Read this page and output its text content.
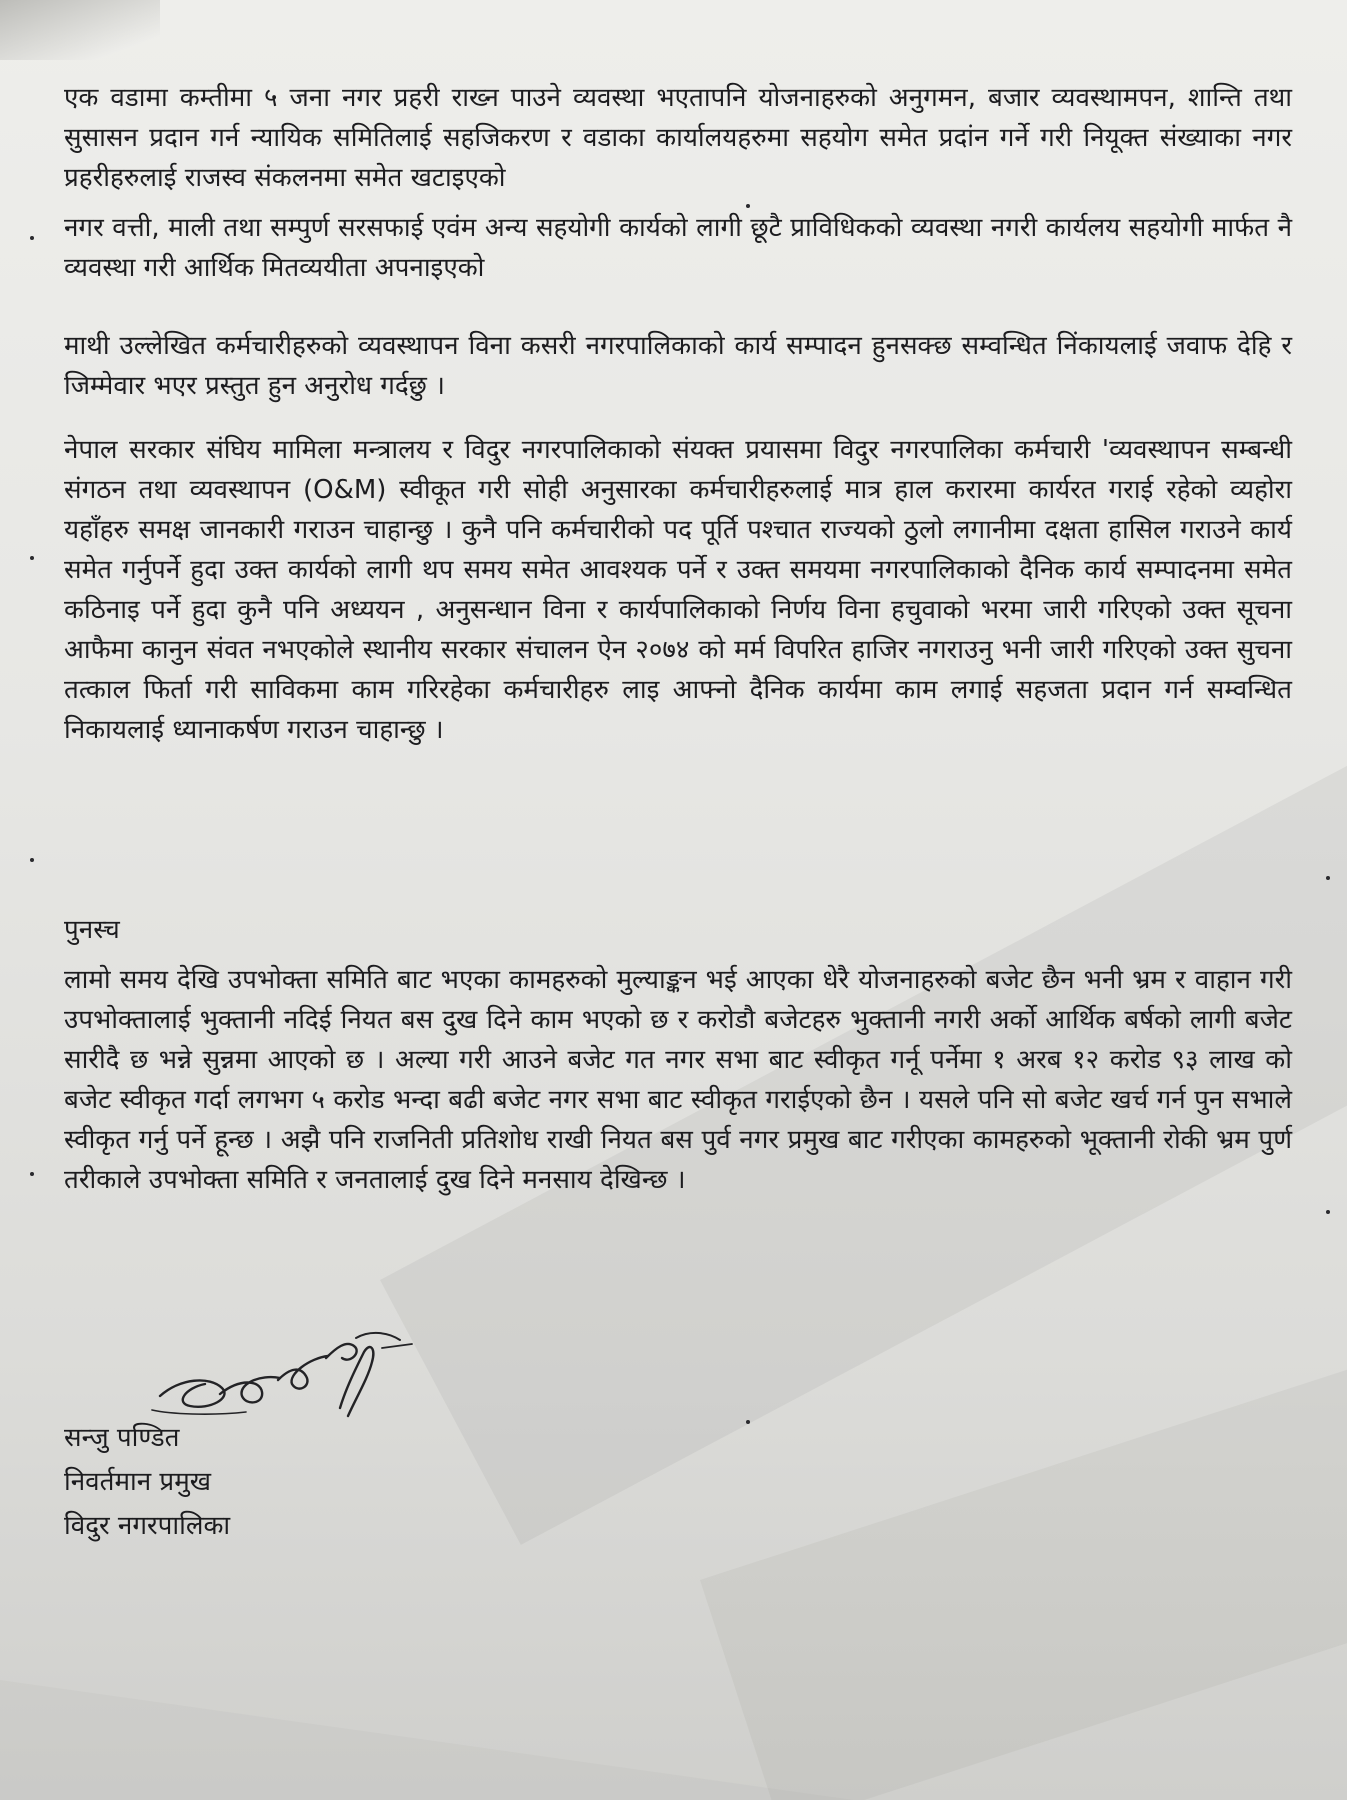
एक वडामा कम्तीमा ५ जना नगर प्रहरी राख्न पाउने व्यवस्था भएतापनि योजनाहरुको अनुगमन, बजार व्यवस्थामपन, शान्ति तथा सुसासन प्रदान गर्न न्यायिक समितिलाई सहजिकरण र वडाका कार्यालयहरुमा सहयोग समेत प्रदांन गर्ने गरी नियूक्त संख्याका नगर प्रहरीहरुलाई राजस्व संकलनमा समेत खटाइएको

नगर वत्ती, माली तथा सम्पुर्ण सरसफाई एवंम अन्य सहयोगी कार्यको लागी छूटै प्राविधिकको व्यवस्था नगरी कार्यलय सहयोगी मार्फत नै व्यवस्था गरी आर्थिक मितव्ययीता अपनाइएको

माथी उल्लेखित कर्मचारीहरुको व्यवस्थापन विना कसरी नगरपालिकाको कार्य सम्पादन हुनसक्छ सम्वन्धित निंकायलाई जवाफ देहि र जिम्मेवार भएर प्रस्तुत हुन अनुरोध गर्दछु ।

नेपाल सरकार संघिय मामिला मन्त्रालय र विदुर नगरपालिकाको संयक्त प्रयासमा विदुर नगरपालिका कर्मचारी 'व्यवस्थापन सम्बन्धी संगठन तथा व्यवस्थापन (O&M) स्वीकूत गरी सोही अनुसारका कर्मचारीहरुलाई मात्र हाल करारमा कार्यरत गराई रहेको व्यहोरा यहाँहरु समक्ष जानकारी गराउन चाहान्छु । कुनै पनि कर्मचारीको पद पूर्ति पश्चात राज्यको ठुलो लगानीमा दक्षता हासिल गराउने कार्य समेत गर्नुपर्ने हुदा उक्त कार्यको लागी थप समय समेत आवश्यक पर्ने र उक्त समयमा नगरपालिकाको दैनिक कार्य सम्पादनमा समेत कठिनाइ पर्ने हुदा कुनै पनि अध्ययन , अनुसन्धान विना र कार्यपालिकाको निर्णय विना हचुवाको भरमा जारी गरिएको उक्त सूचना आफैमा कानुन संवत नभएकोले स्थानीय सरकार संचालन ऐन २०७४ को मर्म विपरित हाजिर नगराउनु भनी जारी गरिएको उक्त सुचना तत्काल फिर्ता गरी साविकमा काम गरिरहेका कर्मचारीहरु लाइ आफ्नो दैनिक कार्यमा काम लगाई सहजता प्रदान गर्न सम्वन्धित निकायलाई ध्यानाकर्षण गराउन चाहान्छु ।

पुनस्च

लामो समय देखि उपभोक्ता समिति बाट भएका कामहरुको मुल्याङ्कन भई आएका धेरै योजनाहरुको बजेट छैन भनी भ्रम र वाहान गरी उपभोक्तालाई भुक्तानी नदिई नियत बस दुख दिने काम भएको छ र करोडौ बजेटहरु भुक्तानी नगरी अर्को आर्थिक बर्षको लागी बजेट सारीदै छ भन्ने सुन्नमा आएको छ । अल्या गरी आउने बजेट गत नगर सभा बाट स्वीकृत गर्नू पर्नेमा १ अरब १२ करोड ९३ लाख को बजेट स्वीकृत गर्दा लगभग ५ करोड भन्दा बढी बजेट नगर सभा बाट स्वीकृत गराईएको छैन । यसले पनि सो बजेट खर्च गर्न पुन सभाले स्वीकृत गर्नु पर्ने हून्छ । अझै पनि राजनिती प्रतिशोध राखी नियत बस पुर्व नगर प्रमुख बाट गरीएका कामहरुको भूक्तानी रोकी भ्रम पुर्ण तरीकाले उपभोक्ता समिति र जनतालाई दुख दिने मनसाय देखिन्छ ।

सन्जु पण्डित
निवर्तमान प्रमुख
विदुर नगरपालिका
